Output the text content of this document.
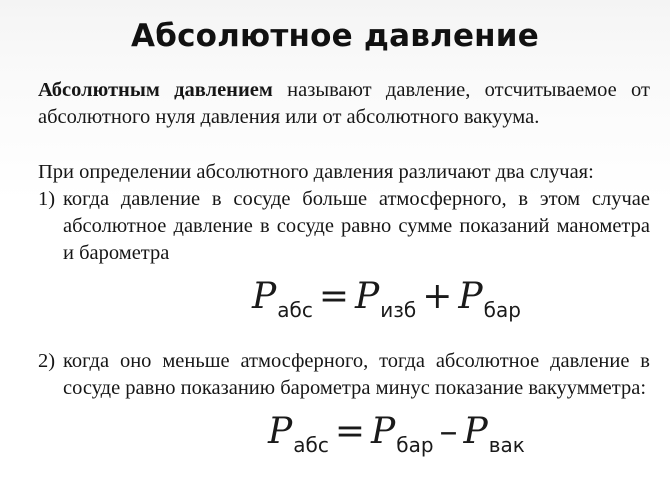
Абсолютное давление
Абсолютным давлением называют давление, отсчитываемое от абсолютного нуля давления или от абсолютного вакуума.
При определении абсолютного давления различают два случая:
1) когда давление в сосуде больше атмосферного, в этом случае абсолютное давление в сосуде равно сумме показаний манометра и барометра
$P_{абс} = P_{изб} + P_{бар}$
2) когда оно меньше атмосферного, тогда абсолютное давление в сосуде равно показанию барометра минус показание вакуумметра:
$P_{абс} = P_{бар} - P_{вак}$
